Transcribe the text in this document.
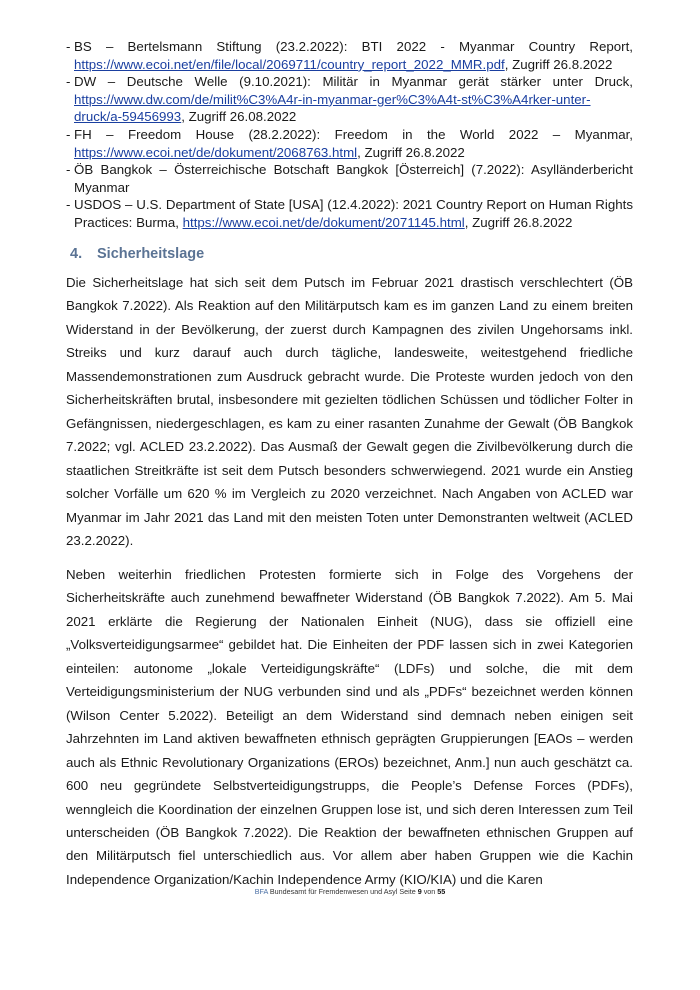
- BS – Bertelsmann Stiftung (23.2.2022): BTI 2022 - Myanmar Country Report, https://www.ecoi.net/en/file/local/2069711/country_report_2022_MMR.pdf, Zugriff 26.8.2022
- DW – Deutsche Welle (9.10.2021): Militär in Myanmar gerät stärker unter Druck, https://www.dw.com/de/milit%C3%A4r-in-myanmar-ger%C3%A4t-st%C3%A4rker-unter-druck/a-59456993, Zugriff 26.08.2022
- FH – Freedom House (28.2.2022): Freedom in the World 2022 – Myanmar, https://www.ecoi.net/de/dokument/2068763.html, Zugriff 26.8.2022
- ÖB Bangkok – Österreichische Botschaft Bangkok [Österreich] (7.2022): Asylländerbericht Myanmar
- USDOS – U.S. Department of State [USA] (12.4.2022): 2021 Country Report on Human Rights Practices: Burma, https://www.ecoi.net/de/dokument/2071145.html, Zugriff 26.8.2022
4. Sicherheitslage

Die Sicherheitslage hat sich seit dem Putsch im Februar 2021 drastisch verschlechtert (ÖB Bangkok 7.2022). Als Reaktion auf den Militärputsch kam es im ganzen Land zu einem breiten Widerstand in der Bevölkerung, der zuerst durch Kampagnen des zivilen Ungehorsams inkl. Streiks und kurz darauf auch durch tägliche, landesweite, weitestgehend friedliche Massendemonstrationen zum Ausdruck gebracht wurde. Die Proteste wurden jedoch von den Sicherheitskräften brutal, insbesondere mit gezielten tödlichen Schüssen und tödlicher Folter in Gefängnissen, niedergeschlagen, es kam zu einer rasanten Zunahme der Gewalt (ÖB Bangkok 7.2022; vgl. ACLED 23.2.2022). Das Ausmaß der Gewalt gegen die Zivilbevölkerung durch die staatlichen Streitkräfte ist seit dem Putsch besonders schwerwiegend. 2021 wurde ein Anstieg solcher Vorfälle um 620 % im Vergleich zu 2020 verzeichnet. Nach Angaben von ACLED war Myanmar im Jahr 2021 das Land mit den meisten Toten unter Demonstranten weltweit (ACLED 23.2.2022).

Neben weiterhin friedlichen Protesten formierte sich in Folge des Vorgehens der Sicherheitskräfte auch zunehmend bewaffneter Widerstand (ÖB Bangkok 7.2022). Am 5. Mai 2021 erklärte die Regierung der Nationalen Einheit (NUG), dass sie offiziell eine „Volksverteidigungsarmee“ gebildet hat. Die Einheiten der PDF lassen sich in zwei Kategorien einteilen: autonome „lokale Verteidigungskräfte“ (LDFs) und solche, die mit dem Verteidigungsministerium der NUG verbunden sind und als „PDFs“ bezeichnet werden können (Wilson Center 5.2022). Beteiligt an dem Widerstand sind demnach neben einigen seit Jahrzehnten im Land aktiven bewaffneten ethnisch geprägten Gruppierungen [EAOs – werden auch als Ethnic Revolutionary Organizations (EROs) bezeichnet, Anm.] nun auch geschätzt ca. 600 neu gegründete Selbstverteidigungstrupps, die People’s Defense Forces (PDFs), wenngleich die Koordination der einzelnen Gruppen lose ist, und sich deren Interessen zum Teil unterscheiden (ÖB Bangkok 7.2022). Die Reaktion der bewaffneten ethnischen Gruppen auf den Militärputsch fiel unterschiedlich aus. Vor allem aber haben Gruppen wie die Kachin Independence Organization/Kachin Independence Army (KIO/KIA) und die Karen

BFA Bundesamt für Fremdenwesen und Asyl Seite 9 von 55
